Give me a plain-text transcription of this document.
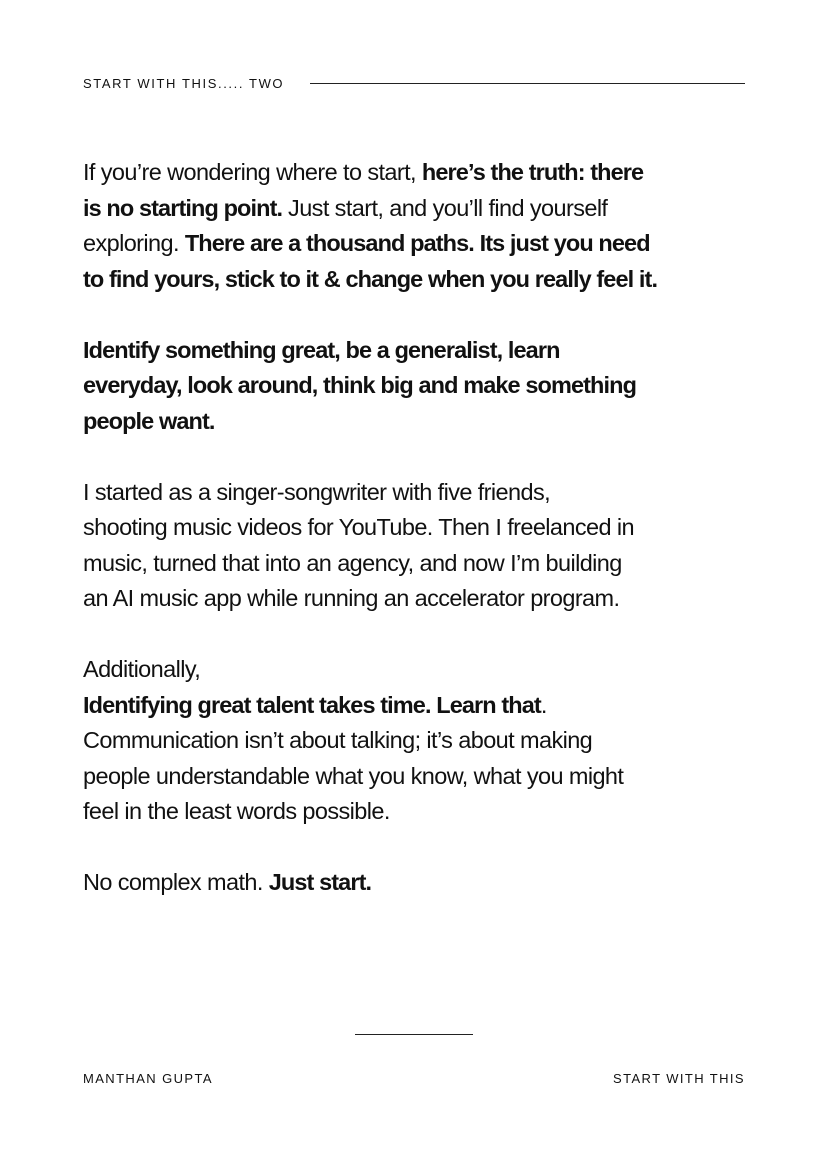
START WITH THIS..... TWO

If you’re wondering where to start, here’s the truth: there
is no starting point. Just start, and you’ll find yourself
exploring. There are a thousand paths. Its just you need
to find yours, stick to it & change when you really feel it.

Identify something great, be a generalist, learn
everyday, look around, think big and make something
people want.

I started as a singer-songwriter with five friends,
shooting music videos for YouTube. Then I freelanced in
music, turned that into an agency, and now I’m building
an AI music app while running an accelerator program.

Additionally,
Identifying great talent takes time. Learn that.
Communication isn’t about talking; it’s about making
people understandable what you know, what you might
feel in the least words possible.

No complex math. Just start.

MANTHAN GUPTA	START WITH THIS
